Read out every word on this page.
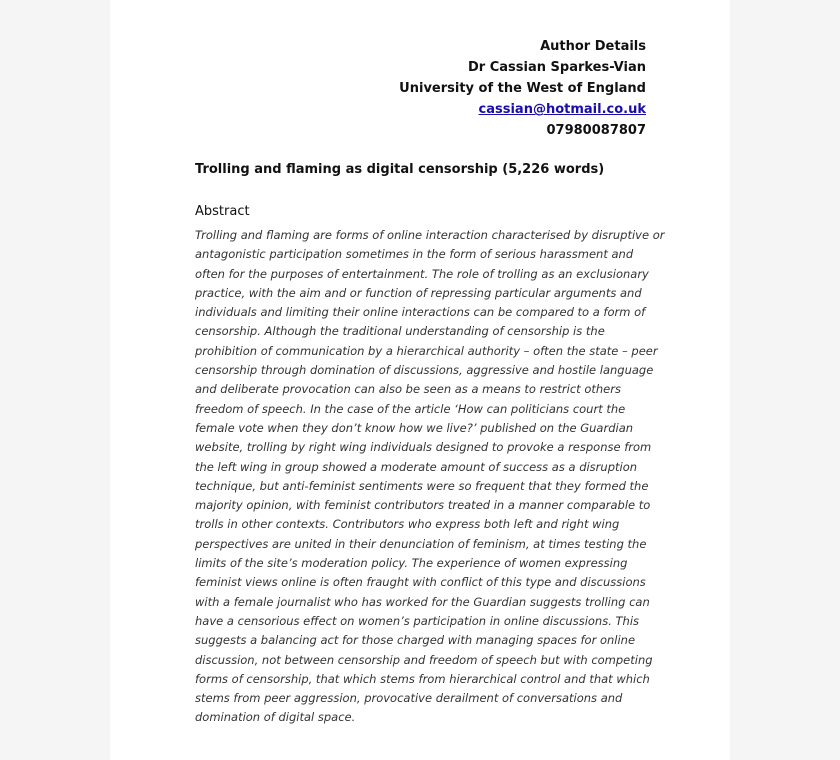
Author Details
Dr Cassian Sparkes-Vian
University of the West of England
cassian@hotmail.co.uk
07980087807
Trolling and flaming as digital censorship (5,226 words)
Abstract
Trolling and flaming are forms of online interaction characterised by disruptive or
antagonistic participation sometimes in the form of serious harassment and
often for the purposes of entertainment. The role of trolling as an exclusionary
practice, with the aim and or function of repressing particular arguments and
individuals and limiting their online interactions can be compared to a form of
censorship. Although the traditional understanding of censorship is the
prohibition of communication by a hierarchical authority – often the state – peer
censorship through domination of discussions, aggressive and hostile language
and deliberate provocation can also be seen as a means to restrict others
freedom of speech. In the case of the article ‘How can politicians court the
female vote when they don’t know how we live?’ published on the Guardian
website, trolling by right wing individuals designed to provoke a response from
the left wing in group showed a moderate amount of success as a disruption
technique, but anti-feminist sentiments were so frequent that they formed the
majority opinion, with feminist contributors treated in a manner comparable to
trolls in other contexts. Contributors who express both left and right wing
perspectives are united in their denunciation of feminism, at times testing the
limits of the site’s moderation policy. The experience of women expressing
feminist views online is often fraught with conflict of this type and discussions
with a female journalist who has worked for the Guardian suggests trolling can
have a censorious effect on women’s participation in online discussions. This
suggests a balancing act for those charged with managing spaces for online
discussion, not between censorship and freedom of speech but with competing
forms of censorship, that which stems from hierarchical control and that which
stems from peer aggression, provocative derailment of conversations and
domination of digital space.
